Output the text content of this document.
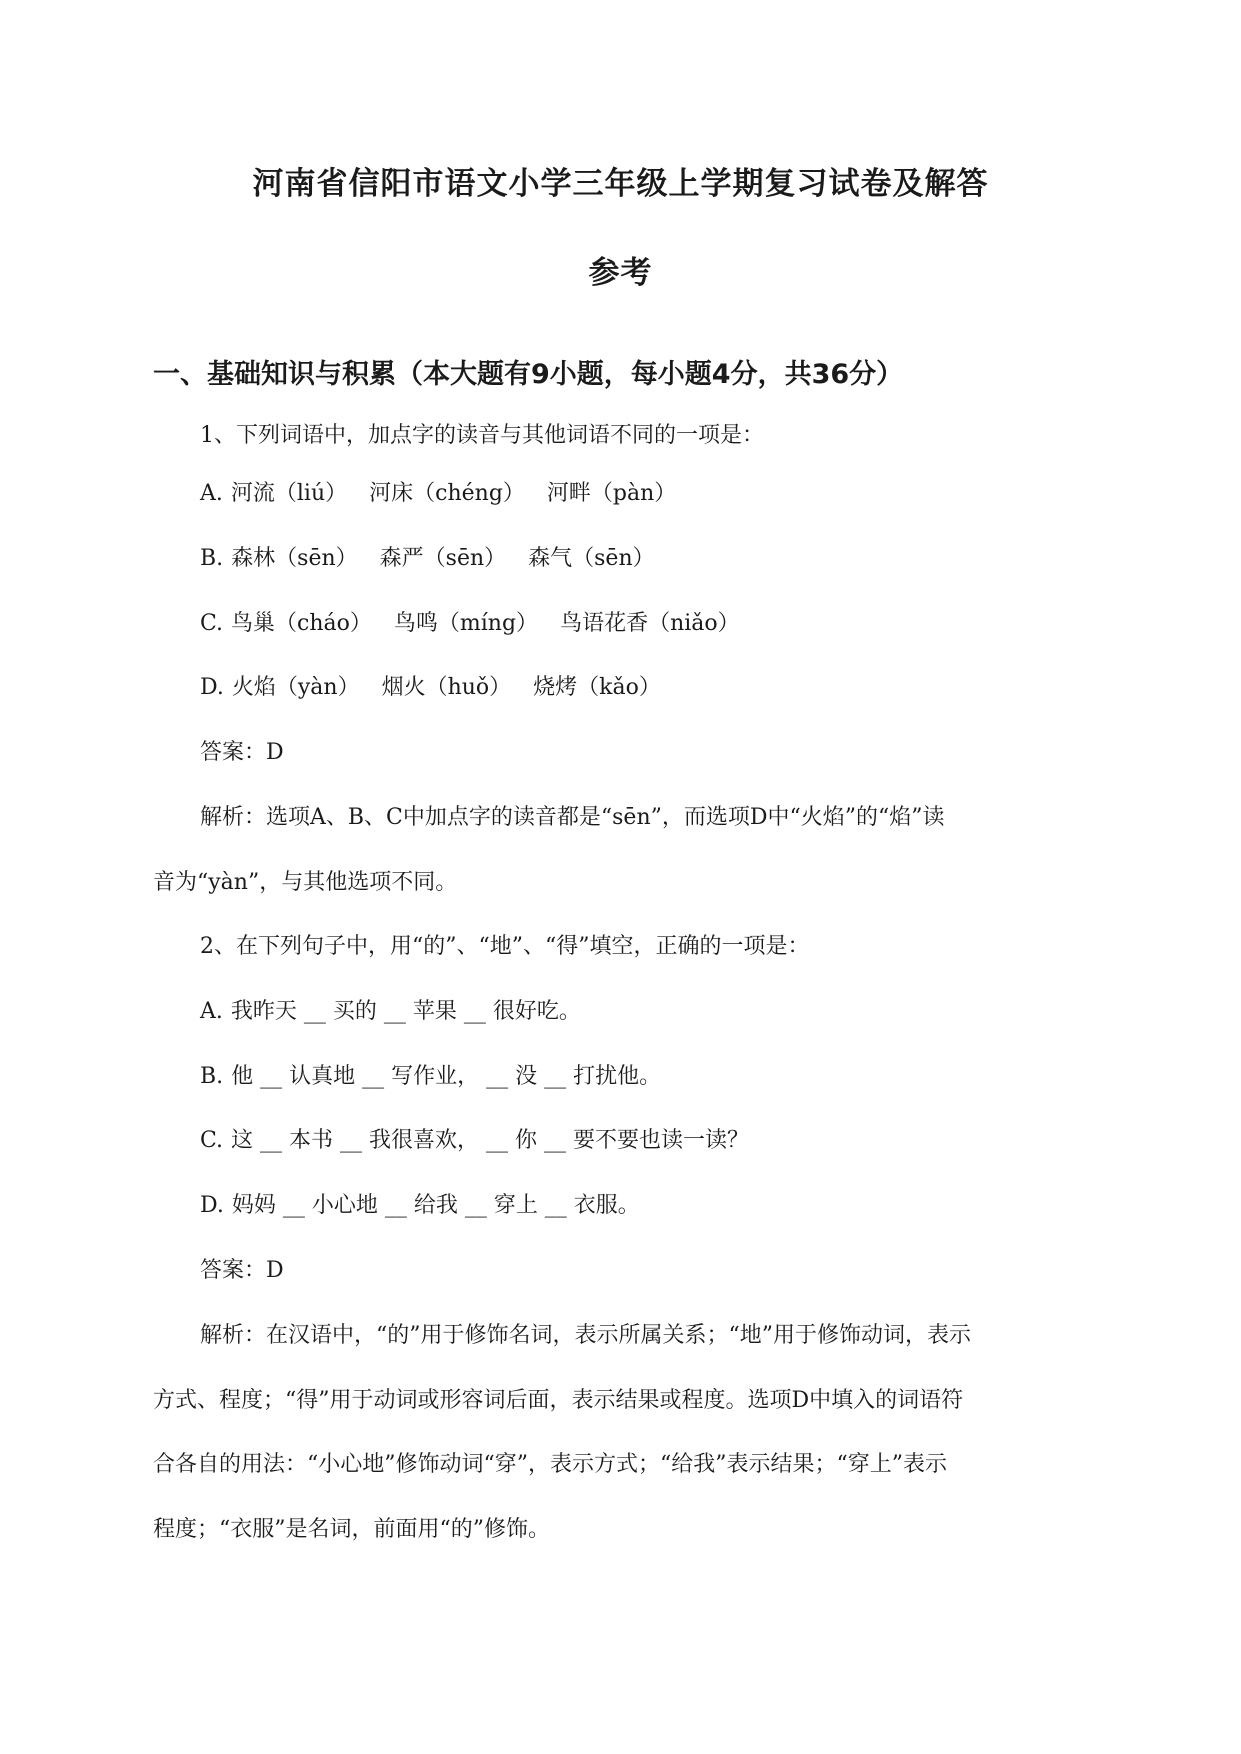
河南省信阳市语文小学三年级上学期复习试卷及解答
参考
一、基础知识与积累（本大题有9小题，每小题4分，共36分）

1、下列词语中，加点字的读音与其他词语不同的一项是：

A. 河流（liú） 河床（chéng） 河畔（pàn）

B. 森林（sēn） 森严（sēn） 森气（sēn）

C. 鸟巢（cháo） 鸟鸣（míng） 鸟语花香（niǎo）

D. 火焰（yàn） 烟火（huǒ） 烧烤（kǎo）

答案：D

解析：选项A、B、C中加点字的读音都是“sēn”，而选项D中“火焰”的“焰”读

音为“yàn”，与其他选项不同。

2、在下列句子中，用“的”、“地”、“得”填空，正确的一项是：

A. 我昨天 __ 买的 __ 苹果 __ 很好吃。

B. 他 __ 认真地 __ 写作业， __ 没 __ 打扰他。

C. 这 __ 本书 __ 我很喜欢， __ 你 __ 要不要也读一读？

D. 妈妈 __ 小心地 __ 给我 __ 穿上 __ 衣服。

答案：D

解析：在汉语中，“的”用于修饰名词，表示所属关系；“地”用于修饰动词，表示

方式、程度；“得”用于动词或形容词后面，表示结果或程度。选项D中填入的词语符

合各自的用法：“小心地”修饰动词“穿”，表示方式；“给我”表示结果；“穿上”表示

程度；“衣服”是名词，前面用“的”修饰。
